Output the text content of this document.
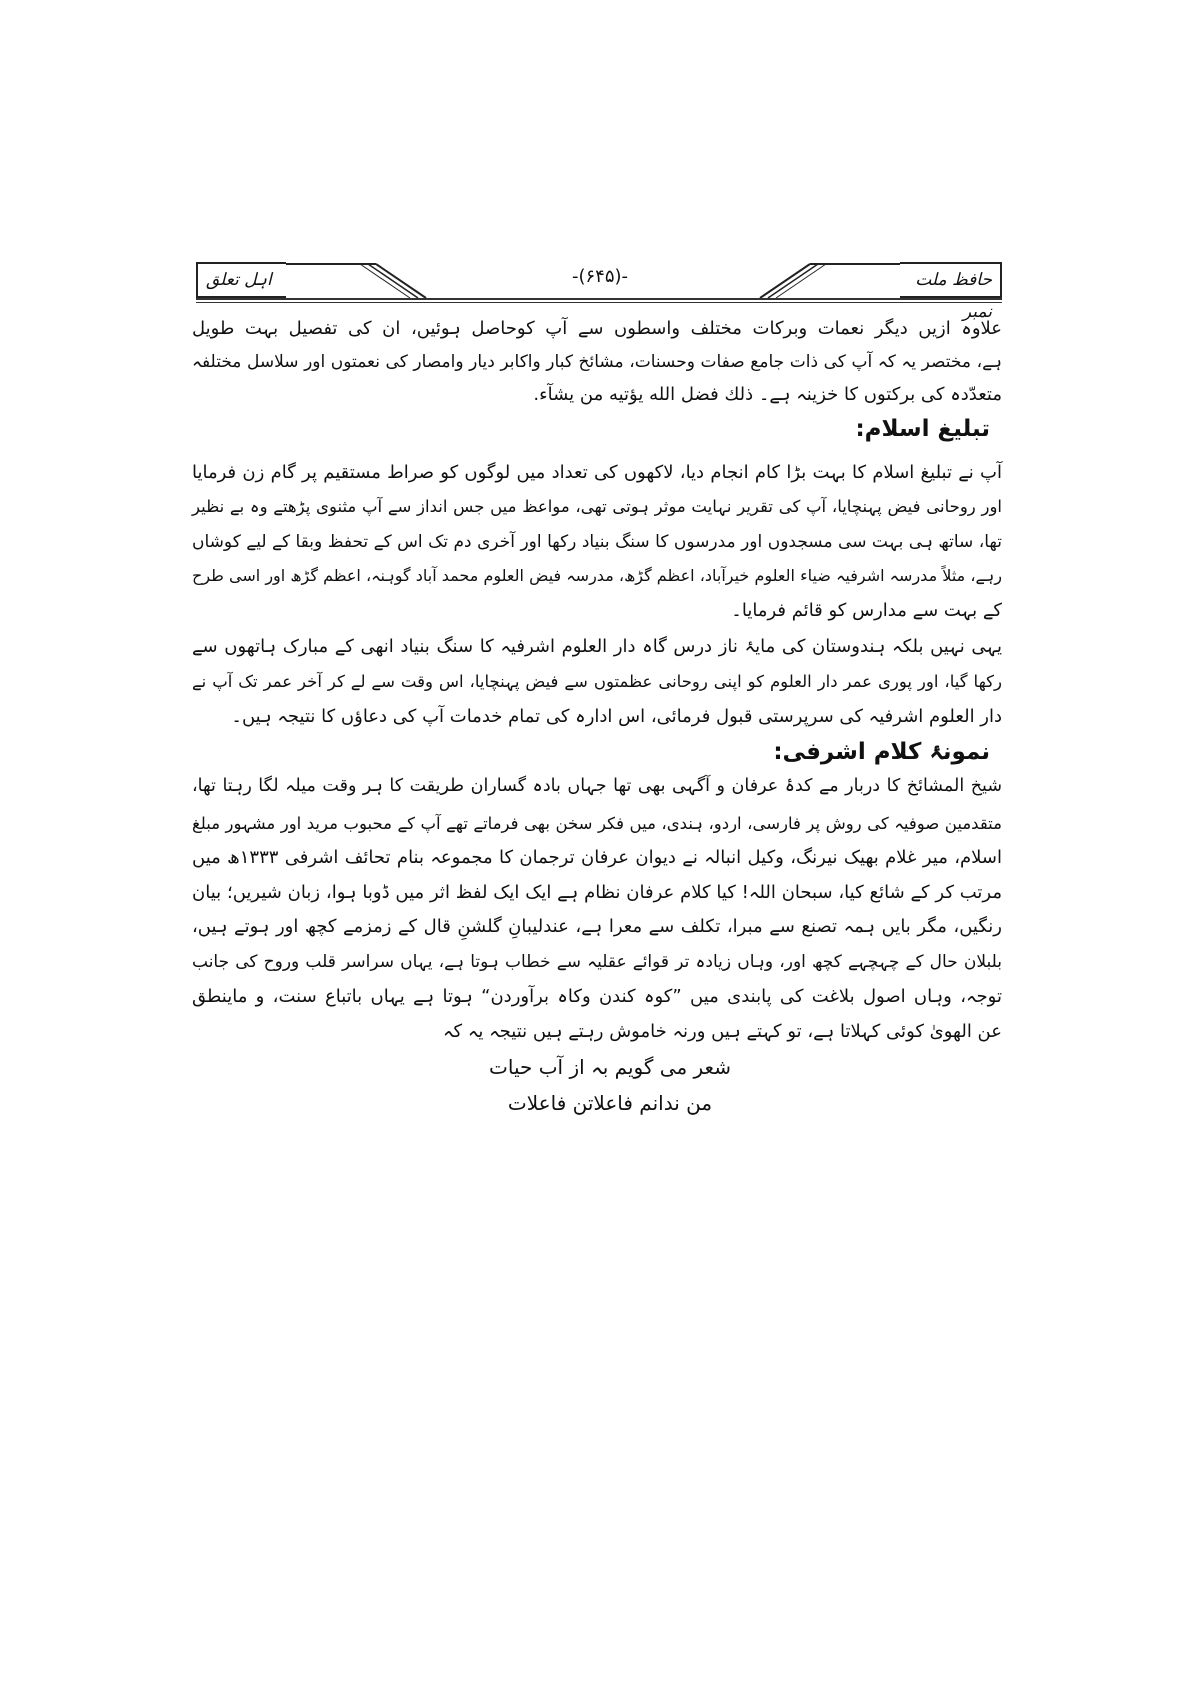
حافظ ملت نمبر
اہل تعلق	-(۶۴۵)-
علاوہ ازیں دیگر نعمات وبرکات مختلف واسطوں سے آپ کوحاصل ہوئیں، ان کی تفصیل بہت طویل
ہے، مختصر یہ کہ آپ کی ذات جامع صفات وحسنات، مشائخ کبار واکابر دیار وامصار کی نعمتوں اور سلاسل مختلفہ
متعدّدہ کی برکتوں کا خزینہ ہے۔ ذلك فضل الله يؤتيه من يشآء.
تبلیغ اسلام:
آپ نے تبلیغ اسلام کا بہت بڑا کام انجام دیا، لاکھوں کی تعداد میں لوگوں کو صراط مستقیم پر گام زن فرمایا
اور روحانی فیض پہنچایا، آپ کی تقریر نہایت موثر ہوتی تھی، مواعظ میں جس انداز سے آپ مثنوی پڑھتے وہ بے نظیر
تھا، ساتھ ہی بہت سی مسجدوں اور مدرسوں کا سنگ بنیاد رکھا اور آخری دم تک اس کے تحفظ وبقا کے لیے کوشاں
رہے، مثلاً مدرسہ اشرفیہ ضیاء العلوم خیرآباد، اعظم گڑھ، مدرسہ فیض العلوم محمد آباد گوہنہ، اعظم گڑھ اور اسی طرح
کے بہت سے مدارس کو قائم فرمایا۔
یہی نہیں بلکہ ہندوستان کی مایۂ ناز درس گاہ دار العلوم اشرفیہ کا سنگ بنیاد انھی کے مبارک ہاتھوں سے
رکھا گیا، اور پوری عمر دار العلوم کو اپنی روحانی عظمتوں سے فیض پہنچایا، اس وقت سے لے کر آخر عمر تک آپ نے
دار العلوم اشرفیہ کی سرپرستی قبول فرمائی، اس ادارہ کی تمام خدمات آپ کی دعاؤں کا نتیجہ ہیں۔
نمونۂ کلام اشرفی:
شیخ المشائخ کا دربار مے کدۂ عرفان و آگہی بھی تھا جہاں بادہ گساران طریقت کا ہر وقت میلہ لگا رہتا تھا،
متقدمین صوفیہ کی روش پر فارسی، اردو، ہندی، میں فکر سخن بھی فرماتے تھے آپ کے محبوب مرید اور مشہور مبلغ
اسلام، میر غلام بھیک نیرنگ، وکیل انبالہ نے دیوان عرفان ترجمان کا مجموعہ بنام تحائف اشرفی ۱۳۳۳ھ میں
مرتب کر کے شائع کیا، سبحان اللہ! کیا کلام عرفان نظام ہے ایک ایک لفظ اثر میں ڈوبا ہوا، زبان شیریں؛ بیان
رنگیں، مگر بایں ہمہ تصنع سے مبرا، تکلف سے معرا ہے، عندلیبانِ گلشنِ قال کے زمزمے کچھ اور ہوتے ہیں،
بلبلان حال کے چہچہے کچھ اور، وہاں زیادہ تر قوائے عقلیہ سے خطاب ہوتا ہے، یہاں سراسر قلب وروح کی جانب
توجہ، وہاں اصول بلاغت کی پابندی میں ”کوہ کندن وکاہ برآوردن“ ہوتا ہے یہاں باتباع سنت، و ماینطق
عن الھویٰ کوئی کہلاتا ہے، تو کہتے ہیں ورنہ خاموش رہتے ہیں نتیجہ یہ کہ
شعر می گویم بہ از آب حیات
من ندانم فاعلاتن فاعلات
